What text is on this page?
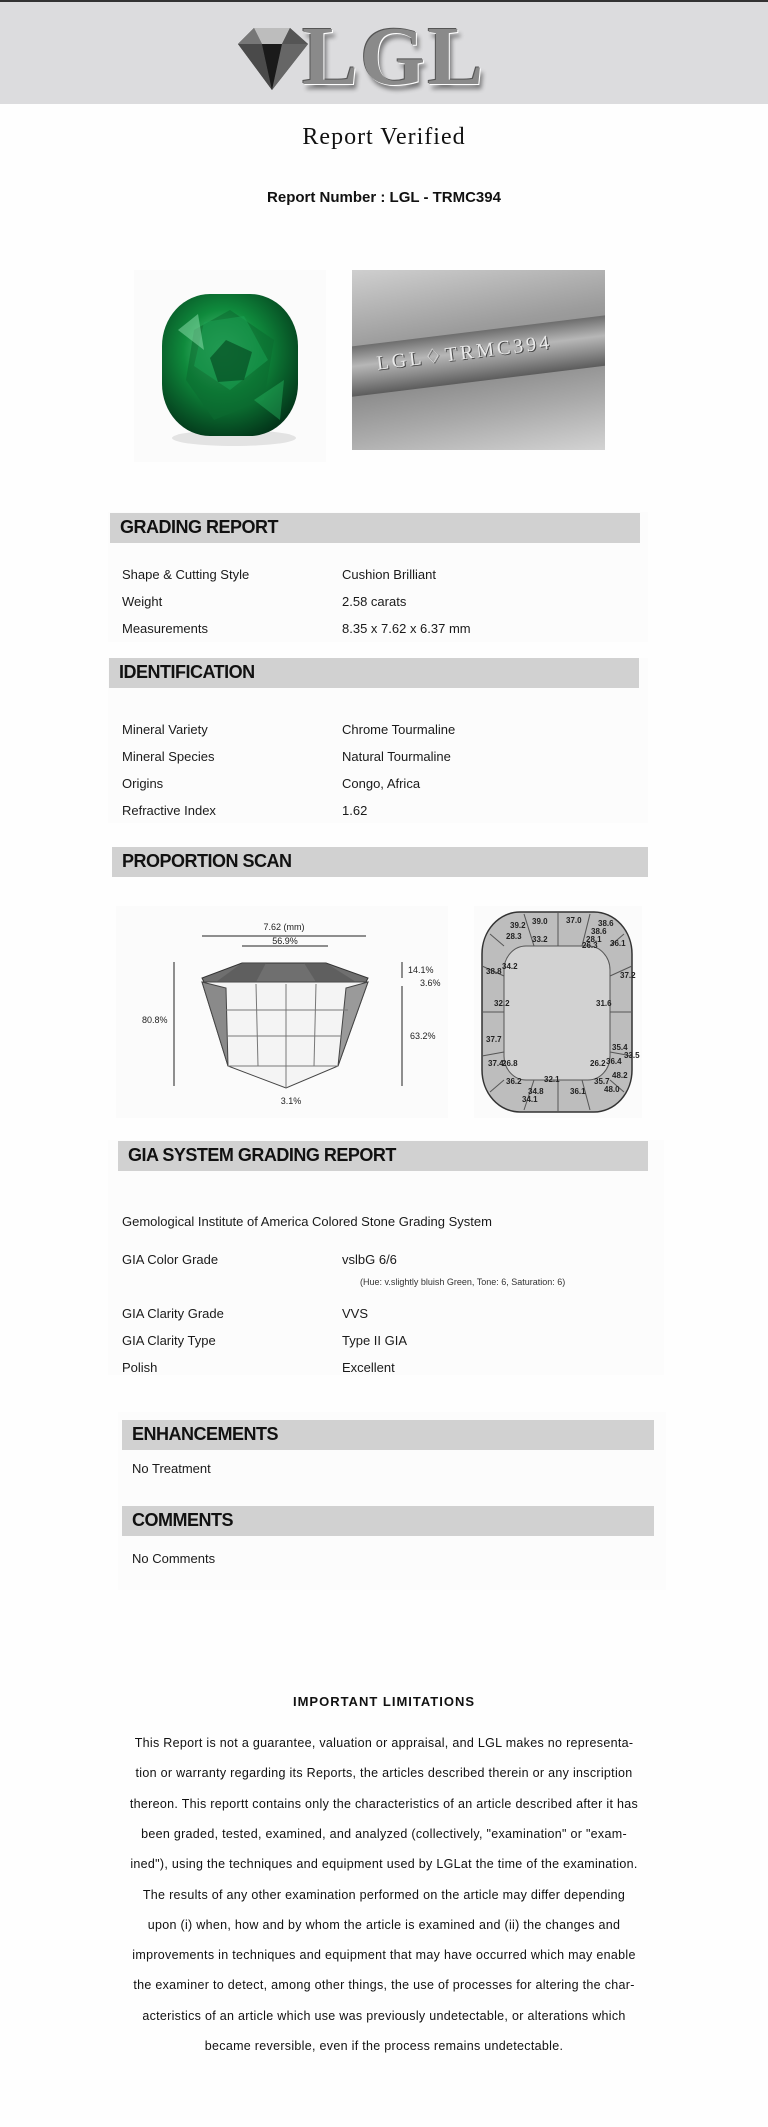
LGL
Report Verified
Report Number : LGL - TRMC394
LGL♢TRMC394
GRADING REPORT
Shape & Cutting Style	Cushion Brilliant
Weight	2.58 carats
Measurements	8.35 x 7.62 x 6.37 mm
IDENTIFICATION
Mineral Variety	Chrome Tourmaline
Mineral Species	Natural Tourmaline
Origins	Congo, Africa
Refractive Index	1.62
PROPORTION SCAN
7.62 (mm)
56.9%
80.8%
14.1%
3.6%
63.2%
3.1%
39.2 39.0 37.0 38.6
38.6
28.3 33.2	28.1
26.3 36.1
38.8
34.2
37.2
32.2	31.6
37.7
35.4
33.5
37.4
26.8	26.2 36.4
48.2
36.2	32.1	35.7
34.8	36.1 48.0
34.1
GIA SYSTEM GRADING REPORT
Gemological Institute of America Colored Stone Grading System
GIA Color Grade	vslbG 6/6
(Hue: v.slightly bluish Green, Tone: 6, Saturation: 6)
GIA Clarity Grade	VVS
GIA Clarity Type	Type II GIA
Polish	Excellent
ENHANCEMENTS
No Treatment
COMMENTS
No Comments
IMPORTANT LIMITATIONS
This Report is not a guarantee, valuation or appraisal, and LGL makes no representa-
tion or warranty regarding its Reports, the articles described therein or any inscription
thereon. This reportt contains only the characteristics of an article described after it has
been graded, tested, examined, and analyzed (collectively, "examination" or "exam-
ined"), using the techniques and equipment used by LGLat the time of the examination.
The results of any other examination performed on the article may differ depending
upon (i) when, how and by whom the article is examined and (ii) the changes and
improvements in techniques and equipment that may have occurred which may enable
the examiner to detect, among other things, the use of processes for altering the char-
acteristics of an article which use was previously undetectable, or alterations which
became reversible, even if the process remains undetectable.
